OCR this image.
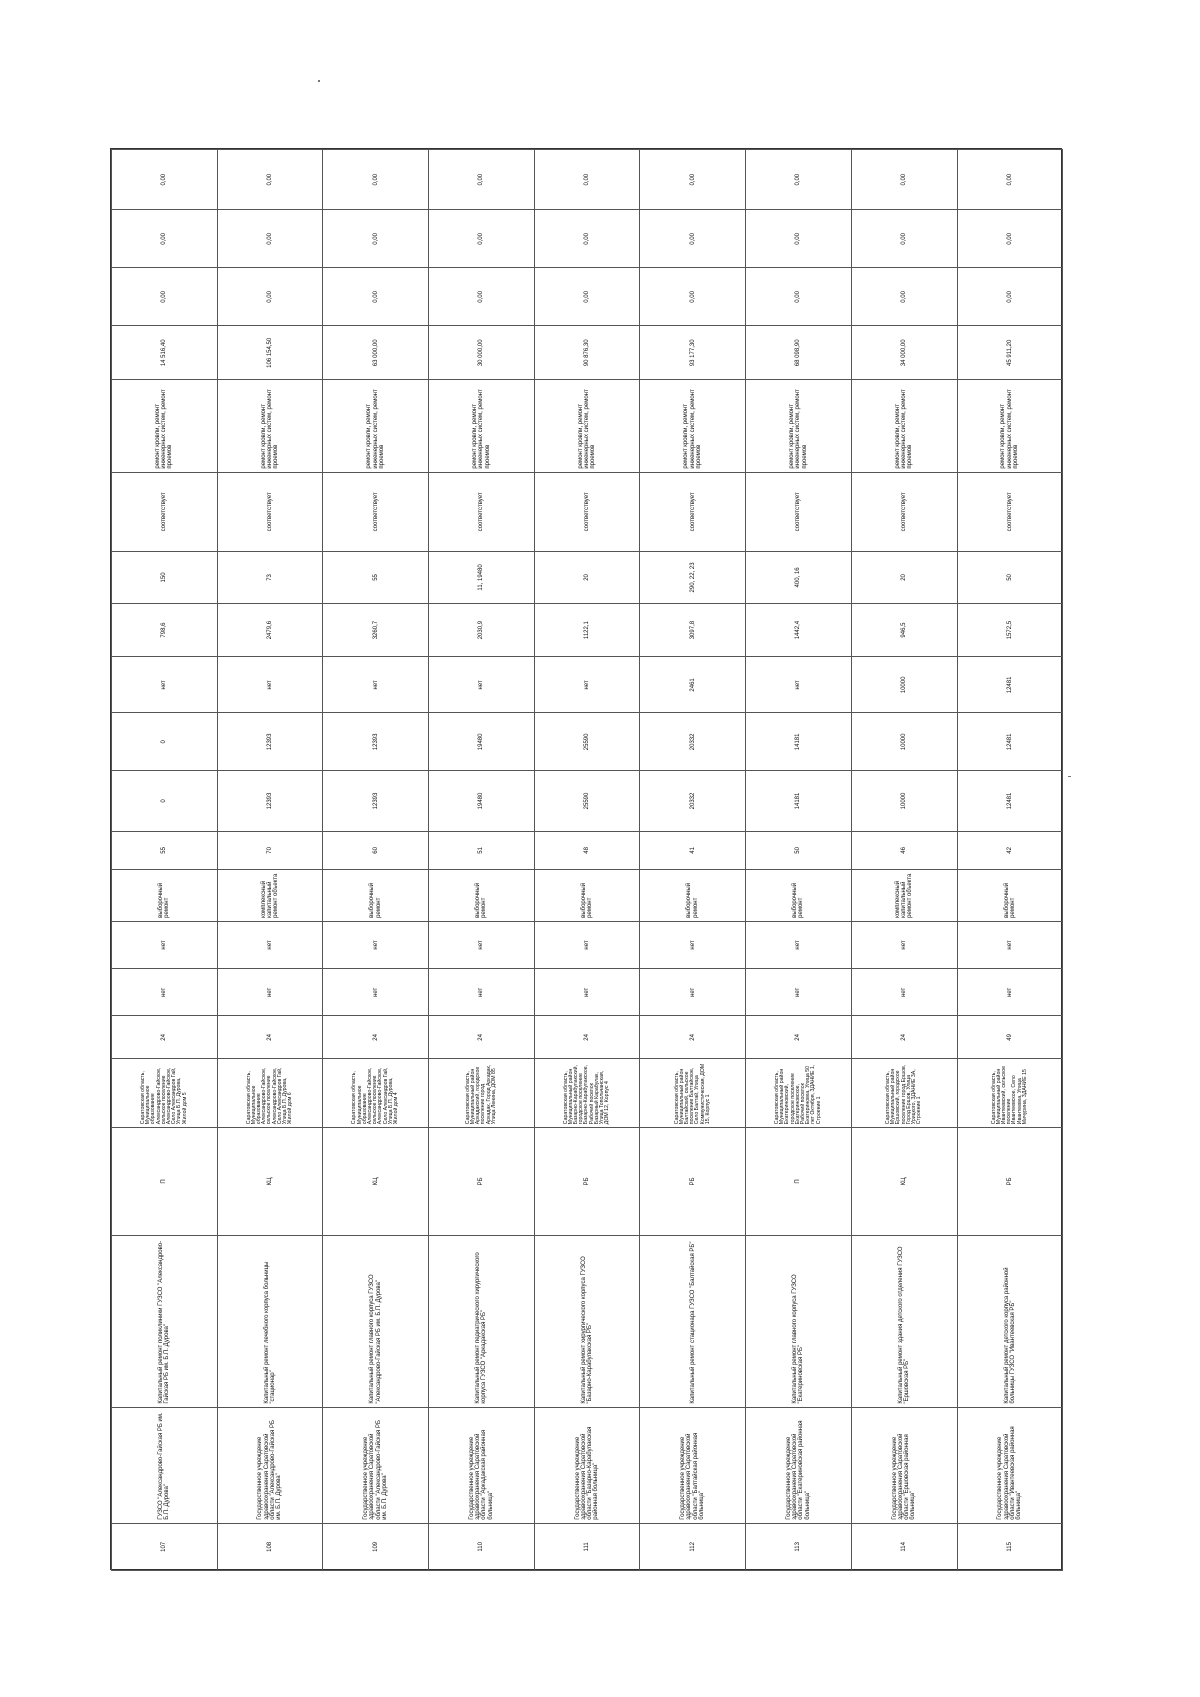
107	ГУЗСО "Александрово-Гайская РБ им. Б.П. Дурова"	Капитальный ремонт поликлиники ГУЗСО "Александрово-Гайская РБ им. Б.П. Дурова"	П	Саратовская область, Муниципальное образование Александрово-Гайское, сельское поселение Александрово-Гайское, Село Александров Гай, Улица Б.П. Дурова, Жилой дом 5	24	нет	нет	выборочный ремонт	55	0	0	нет	798,6	150	соответствует	ремонт кровли, ремонт инженерных систем, ремонт проемов	14 516,40	0,00	0,00	0,00
108	Государственное учреждение здравоохранения Саратовской области "Александрово-Гайская РБ им. Б.П. Дурова"	Капитальный ремонт лечебного корпуса больницы "стационар"	КЦ	Саратовская область, Муниципальное образование Александрово-Гайское, сельское поселение Александрово-Гайское, Село Александров Гай, Улица Б.П. Дурова, Жилой дом 6	24	нет	нет	комплексный капитальный ремонт объекта	70	12393	12393	нет	2479,6	73	соответствует	ремонт кровли, ремонт инженерных систем, ремонт проемов	106 154,50	0,00	0,00	0,00
109	Государственное учреждение здравоохранения Саратовской области "Александрово-Гайская РБ им. Б.П. Дурова"	Капитальный ремонт главного корпуса ГУЗСО "Александрово-Гайская РБ им. Б.П. Дурова"	КЦ	Саратовская область, Муниципальное образование Александрово-Гайское, сельское поселение Александрово-Гайское, Село Александров Гай, Улица Б.П. Дурова, Жилой дом 4	24	нет	нет	выборочный ремонт	60	12393	12393	нет	3260,7	55	соответствует	ремонт кровли, ремонт инженерных систем, ремонт проемов	63 000,00	0,00	0,00	0,00
110	Государственное учреждение здравоохранения Саратовской области "Аркадакская районная больница"	Капитальный ремонт педиатрического хирургического корпуса ГУЗСО "Аркадакская РБ"	РБ	Саратовская область, Муниципальный район Аркадакский, городское поселение город Аркадак, Город Аркадак, Улица Ленина, ДОМ 85	24	нет	нет	выборочный ремонт	51	19480	19480	нет	2030,9	11, 19480	соответствует	ремонт кровли, ремонт инженерных систем, ремонт проемов	30 000,00	0,00	0,00	0,00
111	Государственное учреждение здравоохранения Саратовской области "Базарно-Карабулакская районная больница"	Капитальный ремонт хирургического корпуса ГУЗСО "Базарно-Карабулакская РБ"	РБ	Саратовская область, Муниципальный район Базарно-Карабулакский, городское поселение Базарно-Карабулакское, Рабочий поселок Базарный Карабулак, Улица Топольчанская, ДОМ 12, Корпус 4	24	нет	нет	выборочный ремонт	48	25590	25590	нет	1122,1	20	соответствует	ремонт кровли, ремонт инженерных систем, ремонт проемов	90 876,30	0,00	0,00	0,00
112	Государственное учреждение здравоохранения Саратовской области "Балтайская районная больница"	Капитальный ремонт стационара ГУЗСО "Балтайская РБ"	РБ	Саратовская область, Муниципальный район Балтайский, сельское поселение Балтайское, Село Балтай, Улица Коммунистическая, ДОМ 15, Корпус 1	24	нет	нет	выборочный ремонт	41	20332	20332	2461	3097,8	290, 22, 23	соответствует	ремонт кровли, ремонт инженерных систем, ремонт проемов	93 177,30	0,00	0,00	0,00
113	Государственное учреждение здравоохранения Саратовской области "Екатериновская районная больница"	Капитальный ремонт главного корпуса ГУЗСО "Екатериновская РБ"	П	Саратовская область, Муниципальный район Екатериновский, городское поселение Екатериновское, Рабочий поселок Екатериновка, Улица 50 лет Октября, ЗДАНИЕ 1, Строение 1	24	нет	нет	выборочный ремонт	50	14181	14181	нет	1442,4	400, 16	соответствует	ремонт кровли, ремонт инженерных систем, ремонт проемов	68 098,90	0,00	0,00	0,00
114	Государственное учреждение здравоохранения Саратовской области "Ершовская районная больница"	Капитальный ремонт здания детского отделения ГУЗСО "Ершовская РБ"	КЦ	Саратовская область, Муниципальный район Ершовский, городское поселение город Ершов, Город Ершов, Улица Урицкого, ЗДАНИЕ 3А, Строение 1	24	нет	нет	комплексный капитальный ремонт объекта	46	10000	10000	10000	946,5	20	соответствует	ремонт кровли, ремонт инженерных систем, ремонт проемов	34 000,00	0,00	0,00	0,00
115	Государственное учреждение здравоохранения Саратовской области "Ивантеевская районная больница"	Капитальный ремонт детского корпуса районной больницы ГУЗСО "Ивантеевская РБ"	РБ	Саратовская область, Муниципальный район Ивантеевский, сельское поселение Ивантеевское, Село Ивантеевка, Улица Мичурина, ЗДАНИЕ 15	49	нет	нет	выборочный ремонт	42	12481	12481	12481	1572,5	50	соответствует	ремонт кровли, ремонт инженерных систем, ремонт проемов	45 911,20	0,00	0,00	0,00
